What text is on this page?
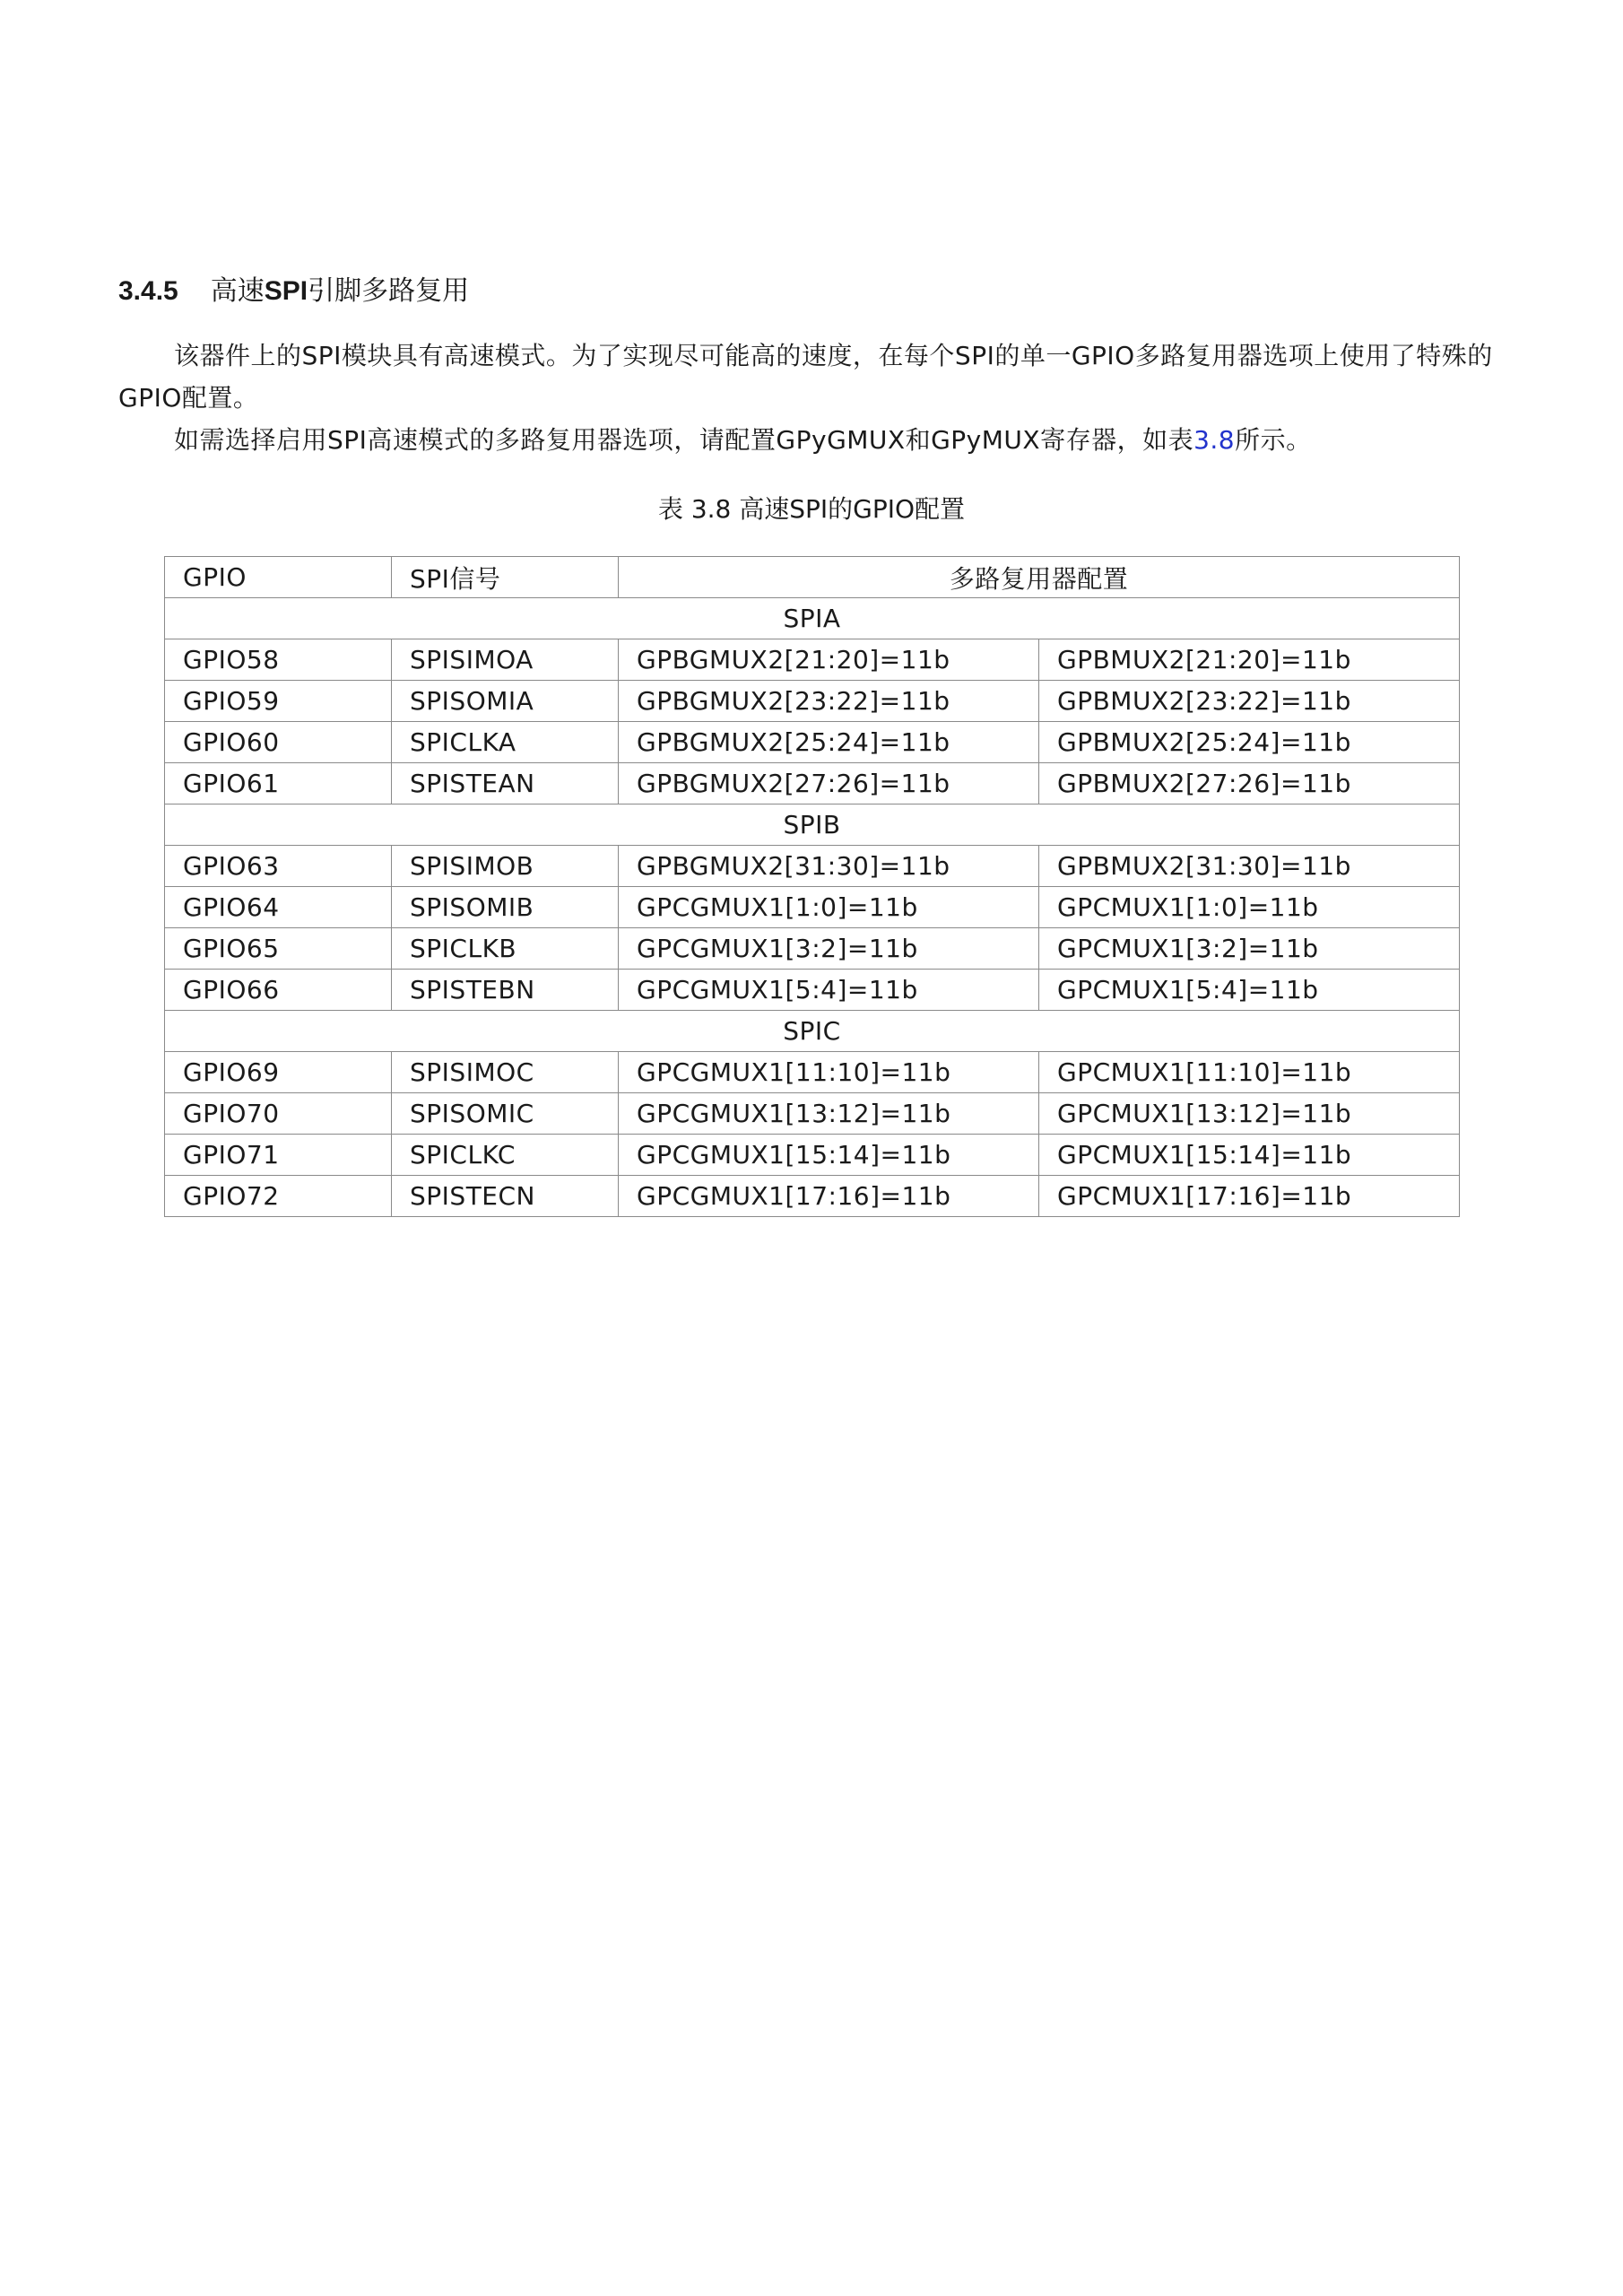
3.4.5 高速SPI引脚多路复用
该器件上的SPI模块具有高速模式。为了实现尽可能高的速度，在每个SPI的单一GPIO多路复用器选项上使用了特殊的GPIO配置。
如需选择启用SPI高速模式的多路复用器选项，请配置GPyGMUX和GPyMUX寄存器，如表3.8所示。
表 3.8 高速SPI的GPIO配置
GPIO	SPI信号	多路复用器配置	
SPIA			
GPIO58	SPISIMOA	GPBGMUX2[21:20]=11b	GPBMUX2[21:20]=11b
GPIO59	SPISOMIA	GPBGMUX2[23:22]=11b	GPBMUX2[23:22]=11b
GPIO60	SPICLKA	GPBGMUX2[25:24]=11b	GPBMUX2[25:24]=11b
GPIO61	SPISTEAN	GPBGMUX2[27:26]=11b	GPBMUX2[27:26]=11b
SPIB			
GPIO63	SPISIMOB	GPBGMUX2[31:30]=11b	GPBMUX2[31:30]=11b
GPIO64	SPISOMIB	GPCGMUX1[1:0]=11b	GPCMUX1[1:0]=11b
GPIO65	SPICLKB	GPCGMUX1[3:2]=11b	GPCMUX1[3:2]=11b
GPIO66	SPISTEBN	GPCGMUX1[5:4]=11b	GPCMUX1[5:4]=11b
SPIC			
GPIO69	SPISIMOC	GPCGMUX1[11:10]=11b	GPCMUX1[11:10]=11b
GPIO70	SPISOMIC	GPCGMUX1[13:12]=11b	GPCMUX1[13:12]=11b
GPIO71	SPICLKC	GPCGMUX1[15:14]=11b	GPCMUX1[15:14]=11b
GPIO72	SPISTECN	GPCGMUX1[17:16]=11b	GPCMUX1[17:16]=11b
